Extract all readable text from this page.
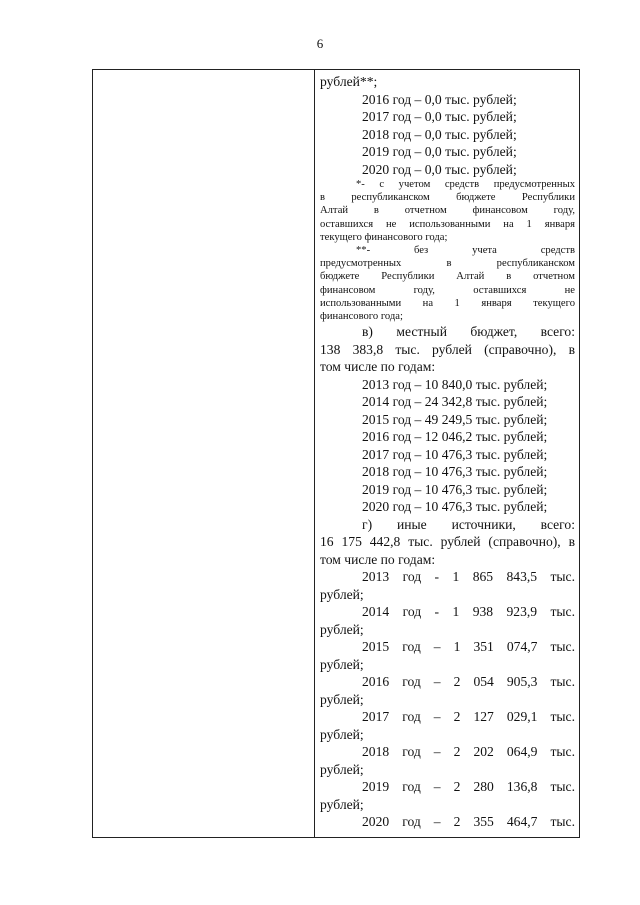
6
рублей**;
2016 год – 0,0 тыс. рублей;
2017 год – 0,0 тыс. рублей;
2018 год – 0,0 тыс. рублей;
2019 год – 0,0 тыс. рублей;
2020 год – 0,0 тыс. рублей;
*- с учетом средств предусмотренных
в республиканском бюджете Республики
Алтай в отчетном финансовом году,
оставшихся не использованными на 1 января
текущего финансового года;
**- без учета средств
предусмотренных в республиканском
бюджете Республики Алтай в отчетном
финансовом году, оставшихся не
использованными на 1 января текущего
финансового года;
в) местный бюджет, всего:
138 383,8 тыс. рублей (справочно), в
том числе по годам:
2013 год – 10 840,0 тыс. рублей;
2014 год – 24 342,8 тыс. рублей;
2015 год – 49 249,5 тыс. рублей;
2016 год – 12 046,2 тыс. рублей;
2017 год – 10 476,3 тыс. рублей;
2018 год – 10 476,3 тыс. рублей;
2019 год – 10 476,3 тыс. рублей;
2020 год – 10 476,3 тыс. рублей;
г) иные источники, всего:
16 175 442,8 тыс. рублей (справочно), в
том числе по годам:
2013 год - 1 865 843,5 тыс.
рублей;
2014 год - 1 938 923,9 тыс.
рублей;
2015 год – 1 351 074,7 тыс.
рублей;
2016 год – 2 054 905,3 тыс.
рублей;
2017 год – 2 127 029,1 тыс.
рублей;
2018 год – 2 202 064,9 тыс.
рублей;
2019 год – 2 280 136,8 тыс.
рублей;
2020 год – 2 355 464,7 тыс.
